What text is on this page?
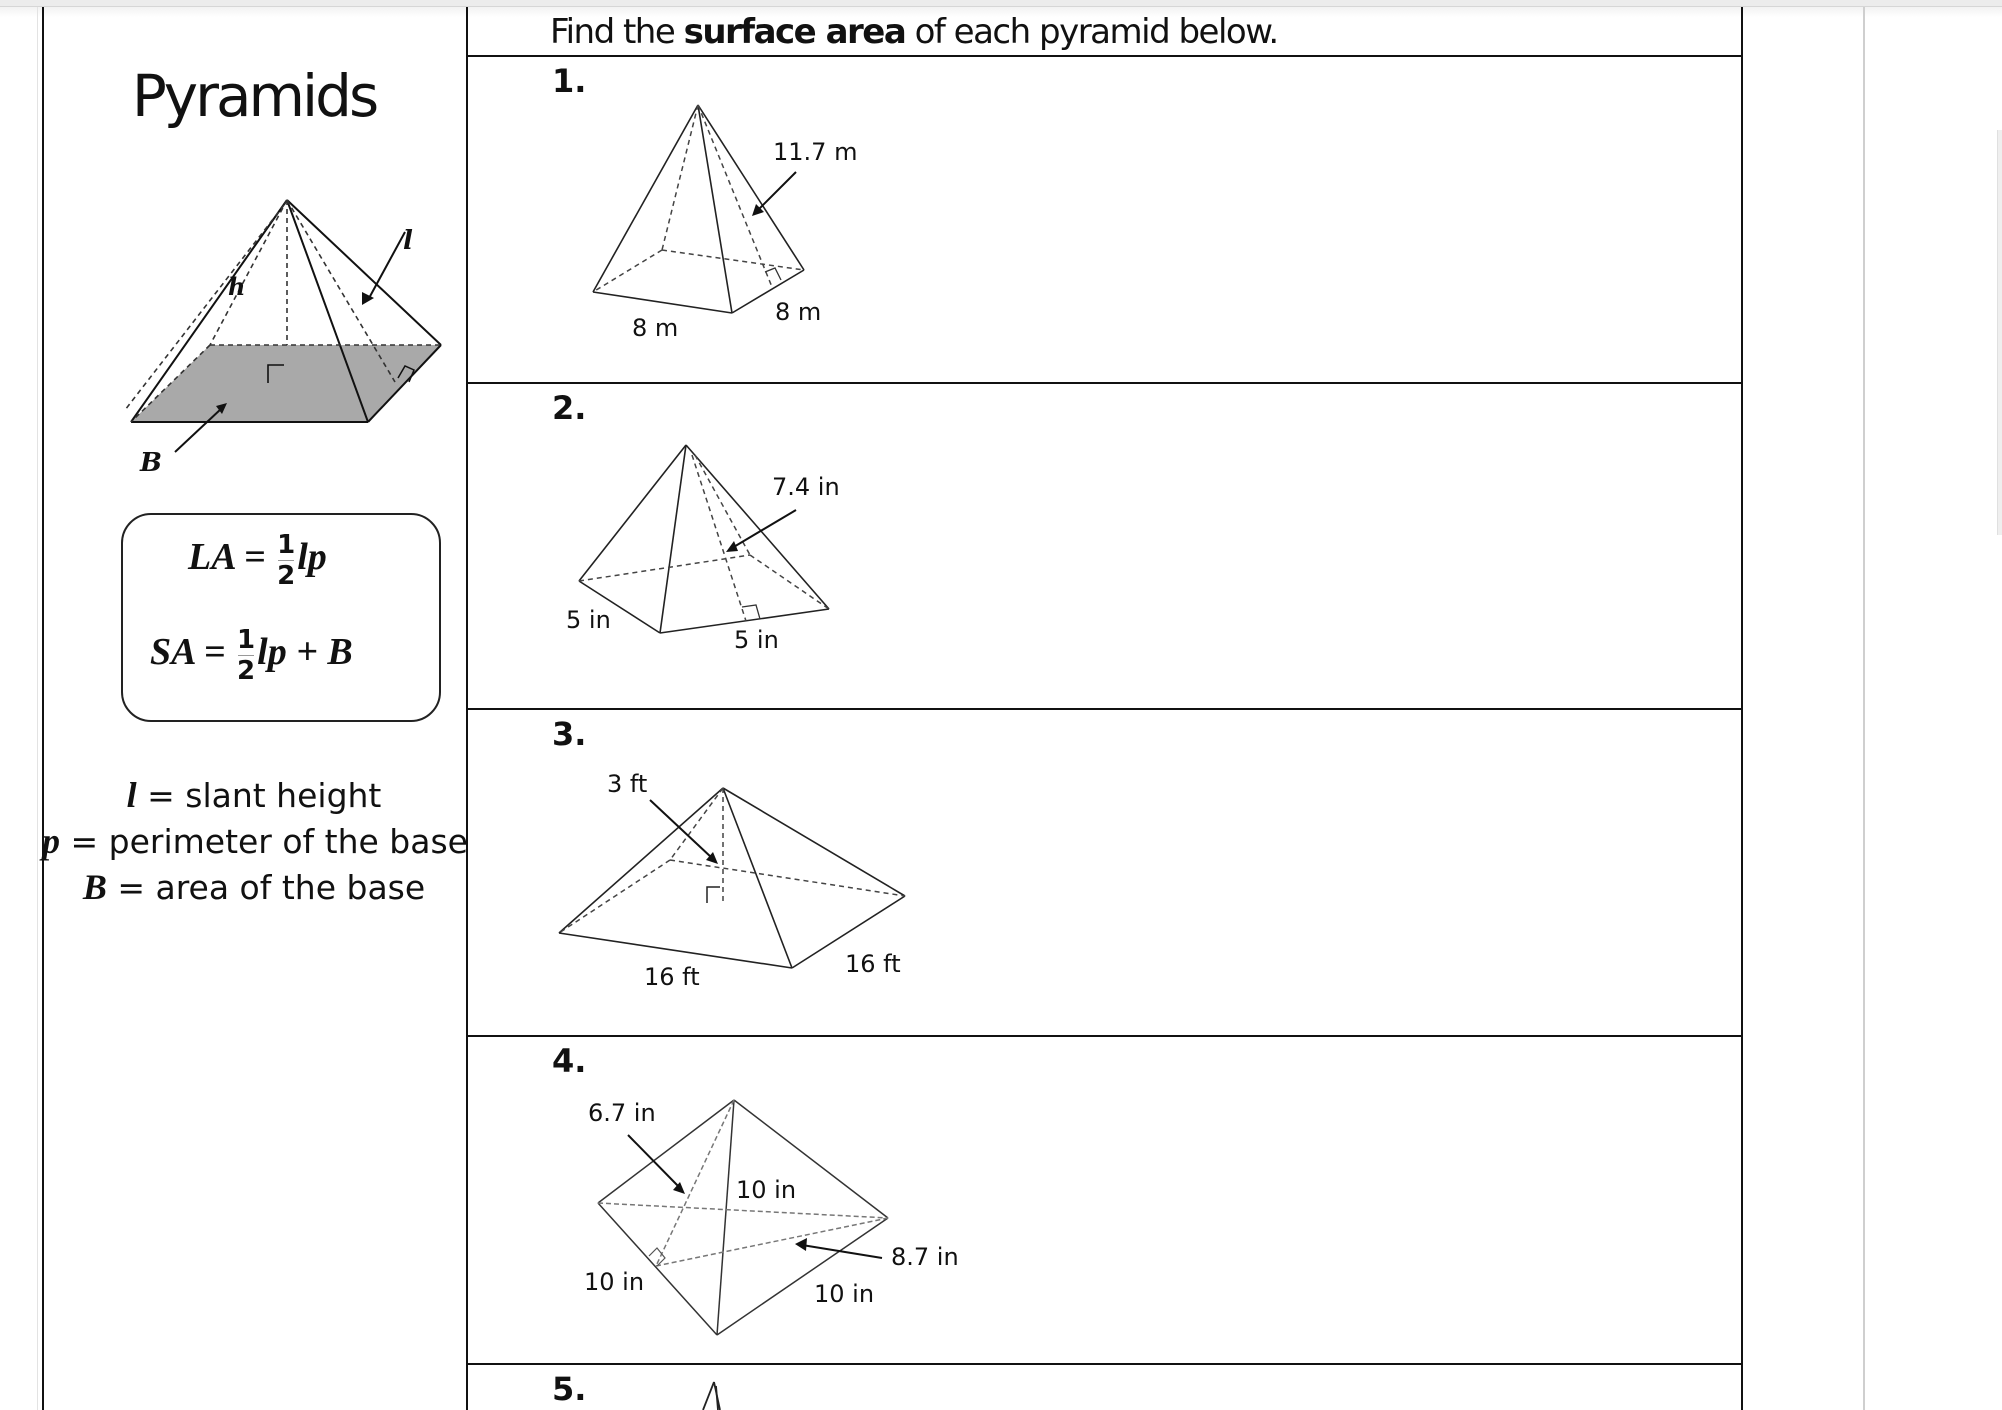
Find the surface area of each pyramid below.
Pyramids
h
l
B
LA = $\frac{1}{2}$ lp
SA = $\frac{1}{2}$ lp + B
l = slant height
p = perimeter of the base
B = area of the base
1.
2.
3.
4.
5.
11.7 m
8 m
8 m
7.4 in
5 in
5 in
3 ft
16 ft	16 ft
6.7 in
10 in
10 in	10 in
8.7 in
